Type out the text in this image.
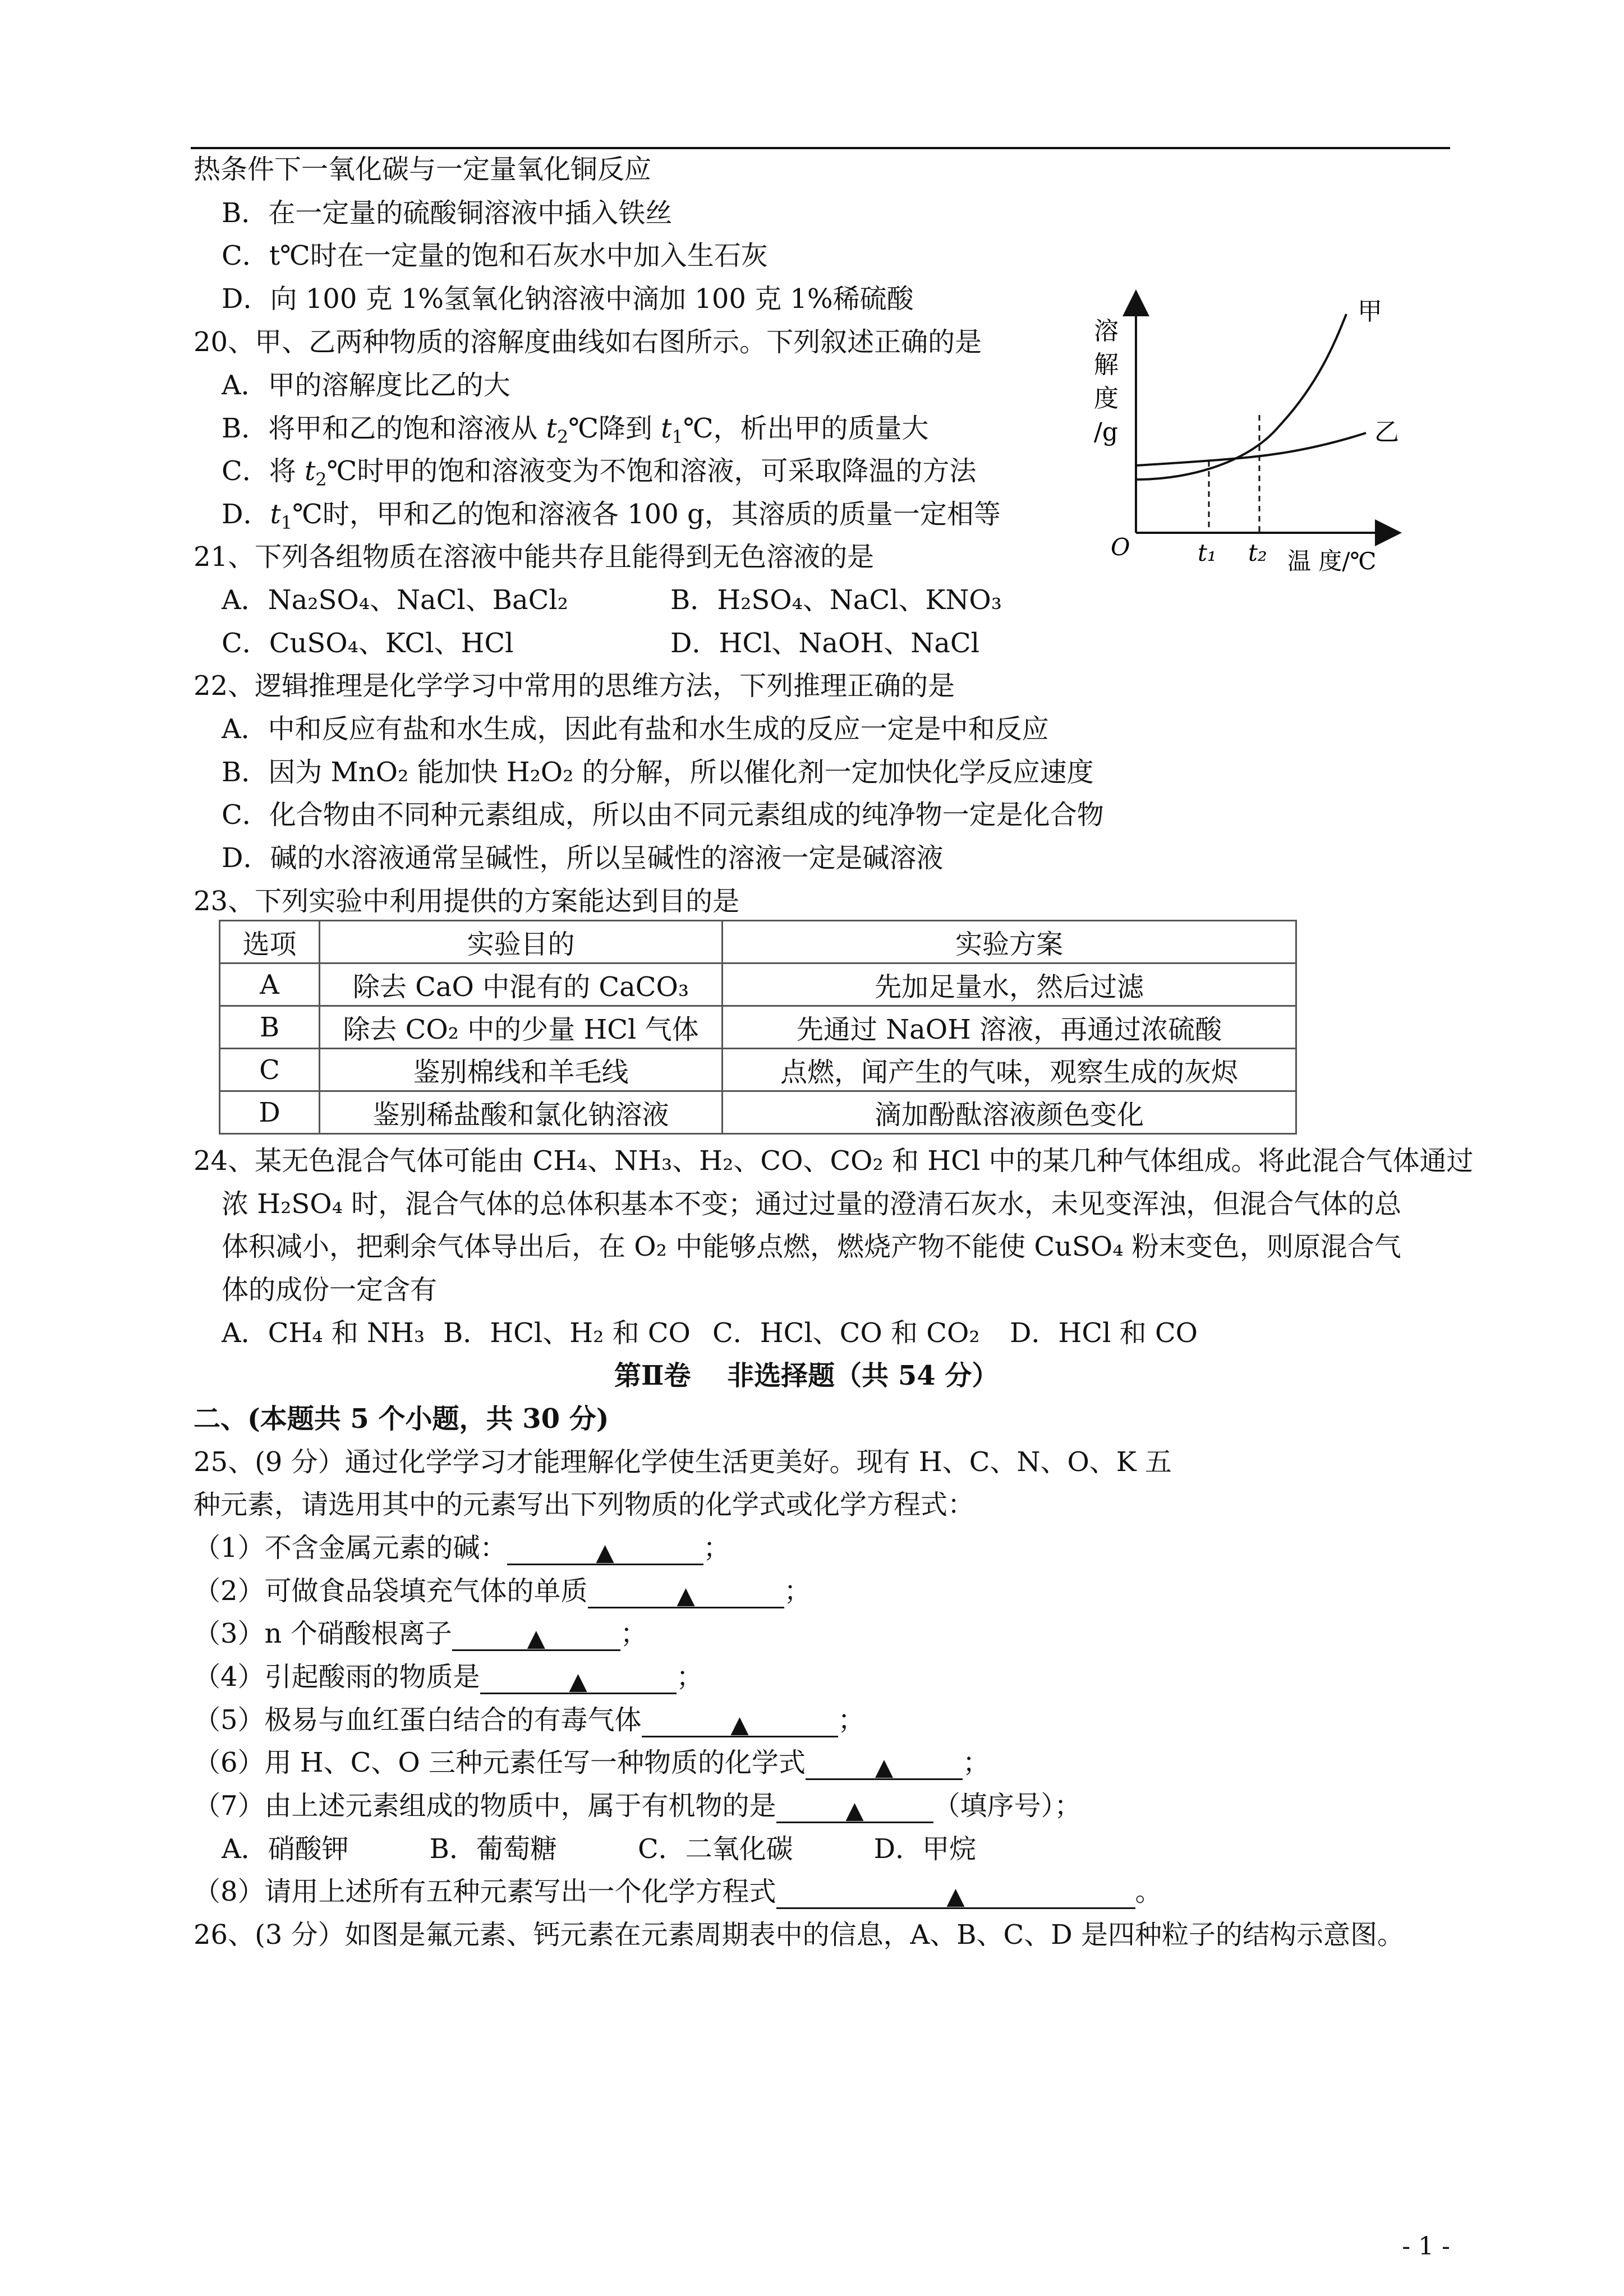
热条件下一氧化碳与一定量氧化铜反应
B．在一定量的硫酸铜溶液中插入铁丝
C．t℃时在一定量的饱和石灰水中加入生石灰
D．向 100 克 1%氢氧化钠溶液中滴加 100 克 1%稀硫酸
20、甲、乙两种物质的溶解度曲线如右图所示。下列叙述正确的是
A．甲的溶解度比乙的大
B．将甲和乙的饱和溶液从 $t_2℃$降到 $t_1℃$，析出甲的质量大
C．将 $t_2℃$时甲的饱和溶液变为不饱和溶液，可采取降温的方法
D．$t_1℃$时，甲和乙的饱和溶液各 100 g，其溶质的质量一定相等
溶
解
度
/g
O	t₁ t₂ 温 度/℃
甲
乙
21、下列各组物质在溶液中能共存且能得到无色溶液的是
A．Na₂SO₄、NaCl、BaCl₂	B．H₂SO₄、NaCl、KNO₃
C．CuSO₄、KCl、HCl	D．HCl、NaOH、NaCl
22、逻辑推理是化学学习中常用的思维方法，下列推理正确的是
A．中和反应有盐和水生成，因此有盐和水生成的反应一定是中和反应
B．因为 MnO₂ 能加快 H₂O₂ 的分解，所以催化剂一定加快化学反应速度
C．化合物由不同种元素组成，所以由不同元素组成的纯净物一定是化合物
D．碱的水溶液通常呈碱性，所以呈碱性的溶液一定是碱溶液
23、下列实验中利用提供的方案能达到目的是
选项	实验目的	实验方案
A	除去 CaO 中混有的 CaCO₃	先加足量水，然后过滤
B	除去 CO₂ 中的少量 HCl 气体	先通过 NaOH 溶液，再通过浓硫酸
C	鉴别棉线和羊毛线	点燃，闻产生的气味，观察生成的灰烬
D	鉴别稀盐酸和氯化钠溶液	滴加酚酞溶液颜色变化
24、某无色混合气体可能由 CH₄、NH₃、H₂、CO、CO₂ 和 HCl 中的某几种气体组成。将此混合气体通过
浓 H₂SO₄ 时，混合气体的总体积基本不变；通过过量的澄清石灰水，未见变浑浊，但混合气体的总
体积减小，把剩余气体导出后，在 O₂ 中能够点燃，燃烧产物不能使 CuSO₄ 粉末变色，则原混合气
体的成份一定含有
A．CH₄ 和 NH₃ B．HCl、H₂ 和 CO C．HCl、CO 和 CO₂ D．HCl 和 CO
第Ⅱ卷　 非选择题（共 54 分）
二、(本题共 5 个小题，共 30 分)
25、(9 分）通过化学学习才能理解化学使生活更美好。现有 H、C、N、O、K 五
种元素，请选用其中的元素写出下列物质的化学式或化学方程式：
（1）不含金属元素的碱：	▲	；
（2）可做食品袋填充气体的单质	▲	；
（3）n 个硝酸根离子	▲	；
（4）引起酸雨的物质是	▲	；
（5）极易与血红蛋白结合的有毒气体	▲	；
（6）用 H、C、O 三种元素任写一种物质的化学式	▲	；
（7）由上述元素组成的物质中，属于有机物的是	▲	（填序号）；
A．硝酸钾　　　B．葡萄糖　　　C．二氧化碳　　　D．甲烷
（8）请用上述所有五种元素写出一个化学方程式	▲	。
26、(3 分）如图是氟元素、钙元素在元素周期表中的信息，A、B、C、D 是四种粒子的结构示意图。
- 1 -
